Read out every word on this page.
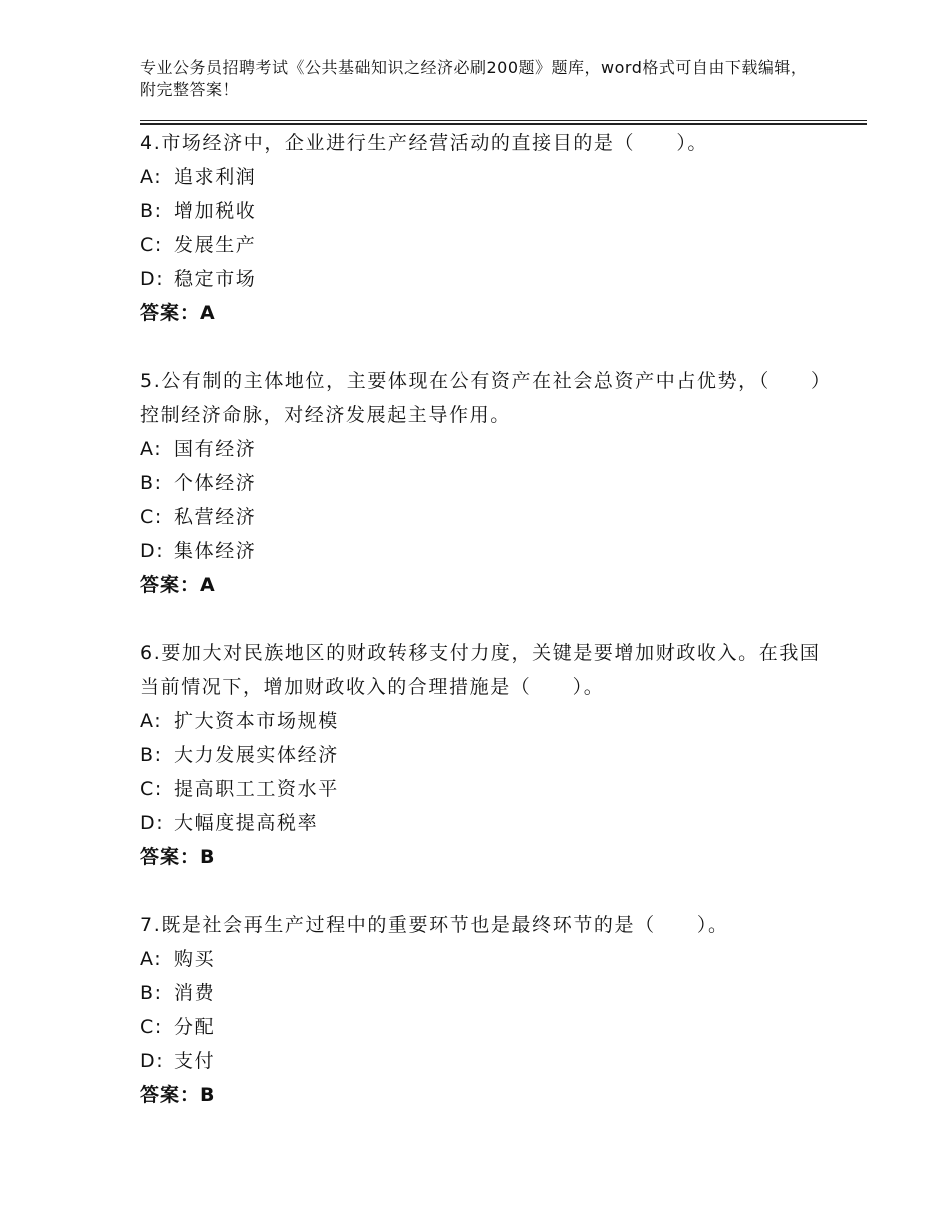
专业公务员招聘考试《公共基础知识之经济必刷200题》题库，word格式可自由下载编辑，附完整答案！
4.市场经济中，企业进行生产经营活动的直接目的是（　　）。
A: 追求利润
B: 增加税收
C: 发展生产
D: 稳定市场
答案：A
5.公有制的主体地位，主要体现在公有资产在社会总资产中占优势，（　　）控制经济命脉，对经济发展起主导作用。
A: 国有经济
B: 个体经济
C: 私营经济
D: 集体经济
答案：A
6.要加大对民族地区的财政转移支付力度，关键是要增加财政收入。在我国当前情况下，增加财政收入的合理措施是（　　）。
A: 扩大资本市场规模
B: 大力发展实体经济
C: 提高职工工资水平
D: 大幅度提高税率
答案：B
7.既是社会再生产过程中的重要环节也是最终环节的是（　　）。
A: 购买
B: 消费
C: 分配
D: 支付
答案：B
